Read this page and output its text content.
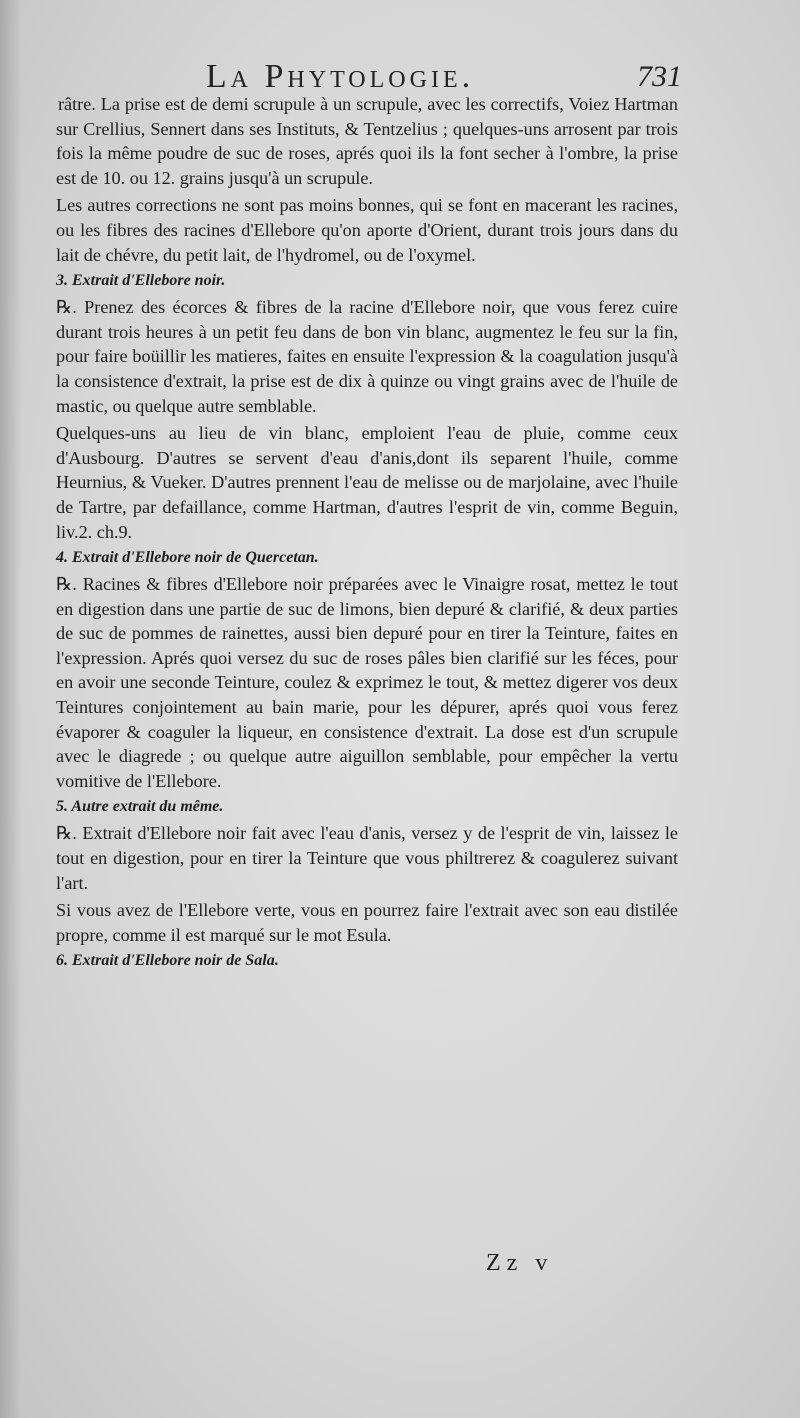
La Phytologie.	731

râtre. La prise est de demi scrupule à un scrupule, avec les correctifs, Voiez Hartman sur Crellius, Sennert dans ses Instituts, & Tentzelius ; quelques-uns arrosent par trois fois la même poudre de suc de roses, aprés quoi ils la font secher à l'ombre, la prise est de 10. ou 12. grains jusqu'à un scrupule.

Les autres corrections ne sont pas moins bonnes, qui se font en macerant les racines, ou les fibres des racines d'Ellebore qu'on aporte d'Orient, durant trois jours dans du lait de chévre, du petit lait, de l'hydromel, ou de l'oxymel.

3. Extrait d'Ellebore noir.

℞. Prenez des écorces & fibres de la racine d'Ellebore noir, que vous ferez cuire durant trois heures à un petit feu dans de bon vin blanc, augmentez le feu sur la fin, pour faire boüillir les matieres, faites en ensuite l'expression & la coagulation jusqu'à la consistence d'extrait, la prise est de dix à quinze ou vingt grains avec de l'huile de mastic, ou quelque autre semblable.

Quelques-uns au lieu de vin blanc, emploient l'eau de pluie, comme ceux d'Ausbourg. D'autres se servent d'eau d'anis,dont ils separent l'huile, comme Heurnius, & Vueker. D'autres prennent l'eau de melisse ou de marjolaine, avec l'huile de Tartre, par defaillance, comme Hartman, d'autres l'esprit de vin, comme Beguin, liv.2. ch.9.

4. Extrait d'Ellebore noir de Quercetan.

℞. Racines & fibres d'Ellebore noir préparées avec le Vinaigre rosat, mettez le tout en digestion dans une partie de suc de limons, bien depuré & clarifié, & deux parties de suc de pommes de rainettes, aussi bien depuré pour en tirer la Teinture, faites en l'expression. Aprés quoi versez du suc de roses pâles bien clarifié sur les féces, pour en avoir une seconde Teinture, coulez & exprimez le tout, & mettez digerer vos deux Teintures conjointement au bain marie, pour les dépurer, aprés quoi vous ferez évaporer & coaguler la liqueur, en consistence d'extrait. La dose est d'un scrupule avec le diagrede ; ou quelque autre aiguillon semblable, pour empêcher la vertu vomitive de l'Ellebore.

5. Autre extrait du même.

℞. Extrait d'Ellebore noir fait avec l'eau d'anis, versez y de l'esprit de vin, laissez le tout en digestion, pour en tirer la Teinture que vous philtrerez & coagulerez suivant l'art.

Si vous avez de l'Ellebore verte, vous en pourrez faire l'extrait avec son eau distilée propre, comme il est marqué sur le mot Esula.

6. Extrait d'Ellebore noir de Sala.

Zz v
